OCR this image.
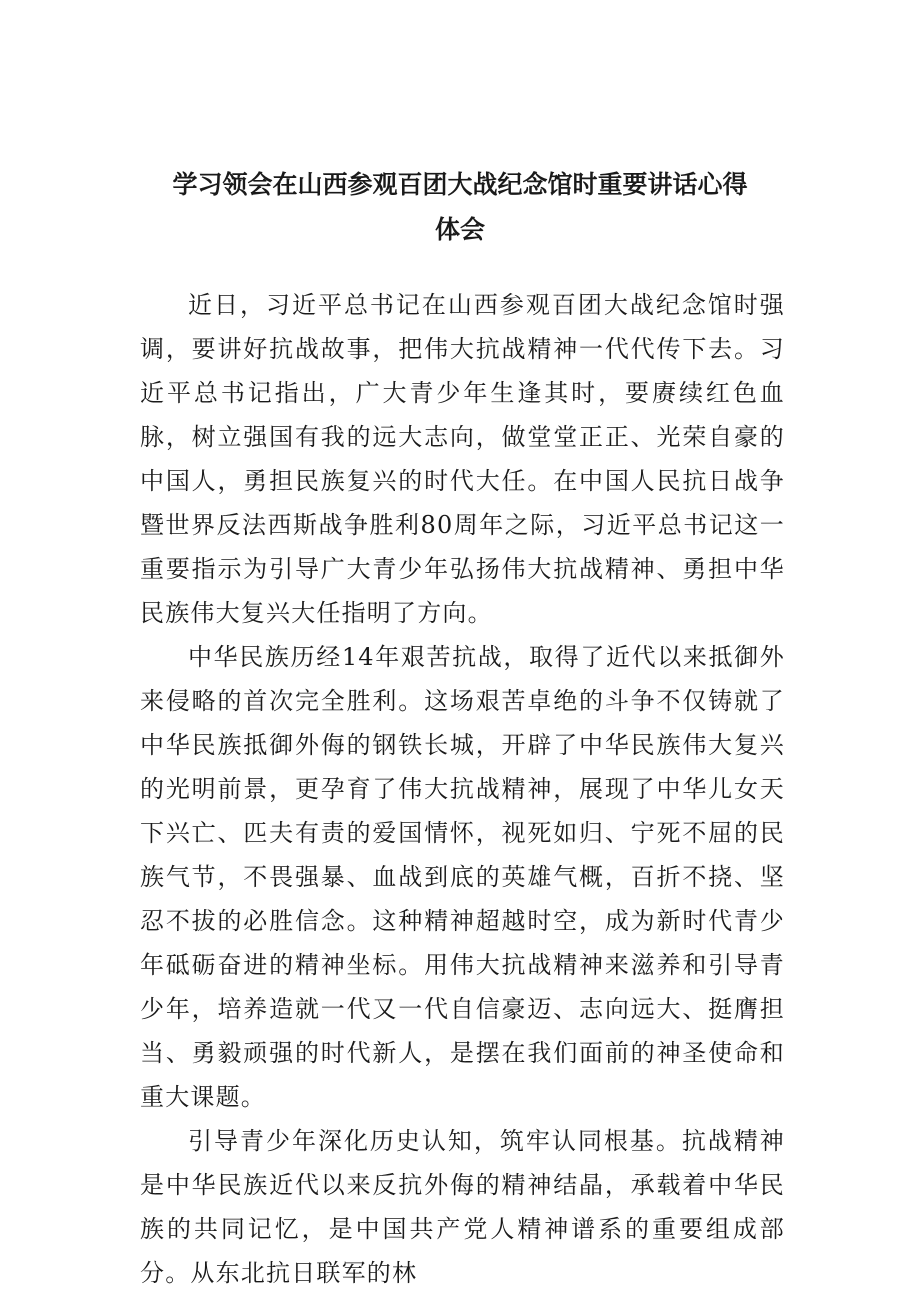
学习领会在山西参观百团大战纪念馆时重要讲话心得
体会

近日，习近平总书记在山西参观百团大战纪念馆时强调，要讲好抗战故事，把伟大抗战精神一代代传下去。习近平总书记指出，广大青少年生逢其时，要赓续红色血脉，树立强国有我的远大志向，做堂堂正正、光荣自豪的中国人，勇担民族复兴的时代大任。在中国人民抗日战争暨世界反法西斯战争胜利80周年之际，习近平总书记这一重要指示为引导广大青少年弘扬伟大抗战精神、勇担中华民族伟大复兴大任指明了方向。

中华民族历经14年艰苦抗战，取得了近代以来抵御外来侵略的首次完全胜利。这场艰苦卓绝的斗争不仅铸就了中华民族抵御外侮的钢铁长城，开辟了中华民族伟大复兴的光明前景，更孕育了伟大抗战精神，展现了中华儿女天下兴亡、匹夫有责的爱国情怀，视死如归、宁死不屈的民族气节，不畏强暴、血战到底的英雄气概，百折不挠、坚忍不拔的必胜信念。这种精神超越时空，成为新时代青少年砥砺奋进的精神坐标。用伟大抗战精神来滋养和引导青少年，培养造就一代又一代自信豪迈、志向远大、挺膺担当、勇毅顽强的时代新人，是摆在我们面前的神圣使命和重大课题。

引导青少年深化历史认知，筑牢认同根基。抗战精神是中华民族近代以来反抗外侮的精神结晶，承载着中华民族的共同记忆，是中国共产党人精神谱系的重要组成部分。从东北抗日联军的林
